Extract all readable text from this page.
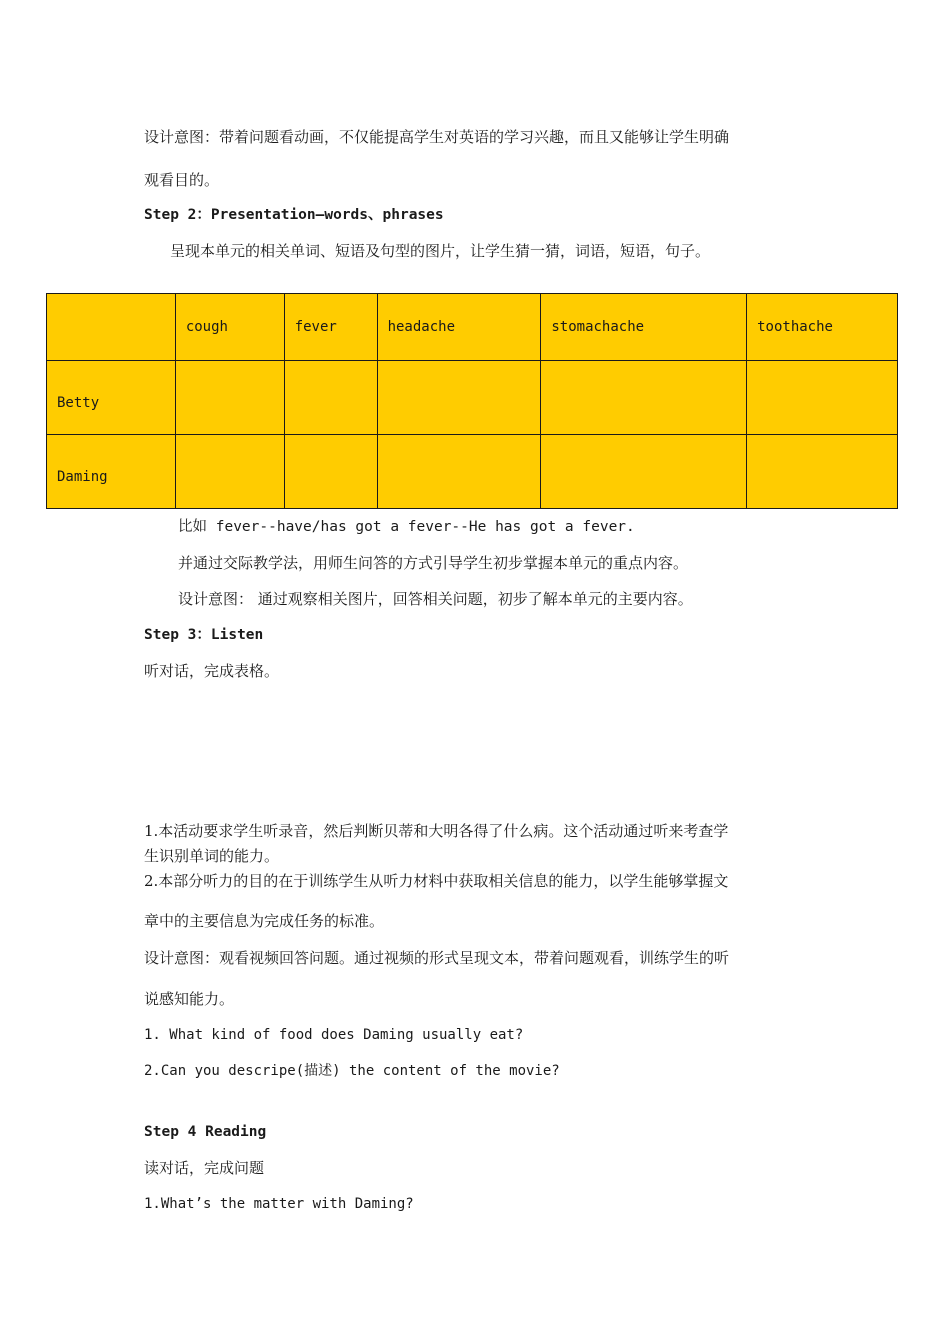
设计意图：带着问题看动画，不仅能提高学生对英语的学习兴趣，而且又能够让学生明确
观看目的。
Step 2：Presentation—words、phrases
呈现本单元的相关单词、短语及句型的图片，让学生猜一猜，词语，短语，句子。
	cough	fever	headache	stomachache	toothache
Betty					
Daming					
比如 fever--have/has got a fever--He has got a fever.
并通过交际教学法，用师生问答的方式引导学生初步掌握本单元的重点内容。
设计意图： 通过观察相关图片，回答相关问题，初步了解本单元的主要内容。
Step 3：Listen
听对话，完成表格。
1.本活动要求学生听录音，然后判断贝蒂和大明各得了什么病。这个活动通过听来考查学
生识别单词的能力。
2.本部分听力的目的在于训练学生从听力材料中获取相关信息的能力，以学生能够掌握文
章中的主要信息为完成任务的标准。
设计意图：观看视频回答问题。通过视频的形式呈现文本，带着问题观看，训练学生的听
说感知能力。
1. What kind of food does Daming usually eat?
2.Can you descripe(描述) the content of the movie?
Step 4 Reading
读对话，完成问题
1.What’s the matter with Daming?
